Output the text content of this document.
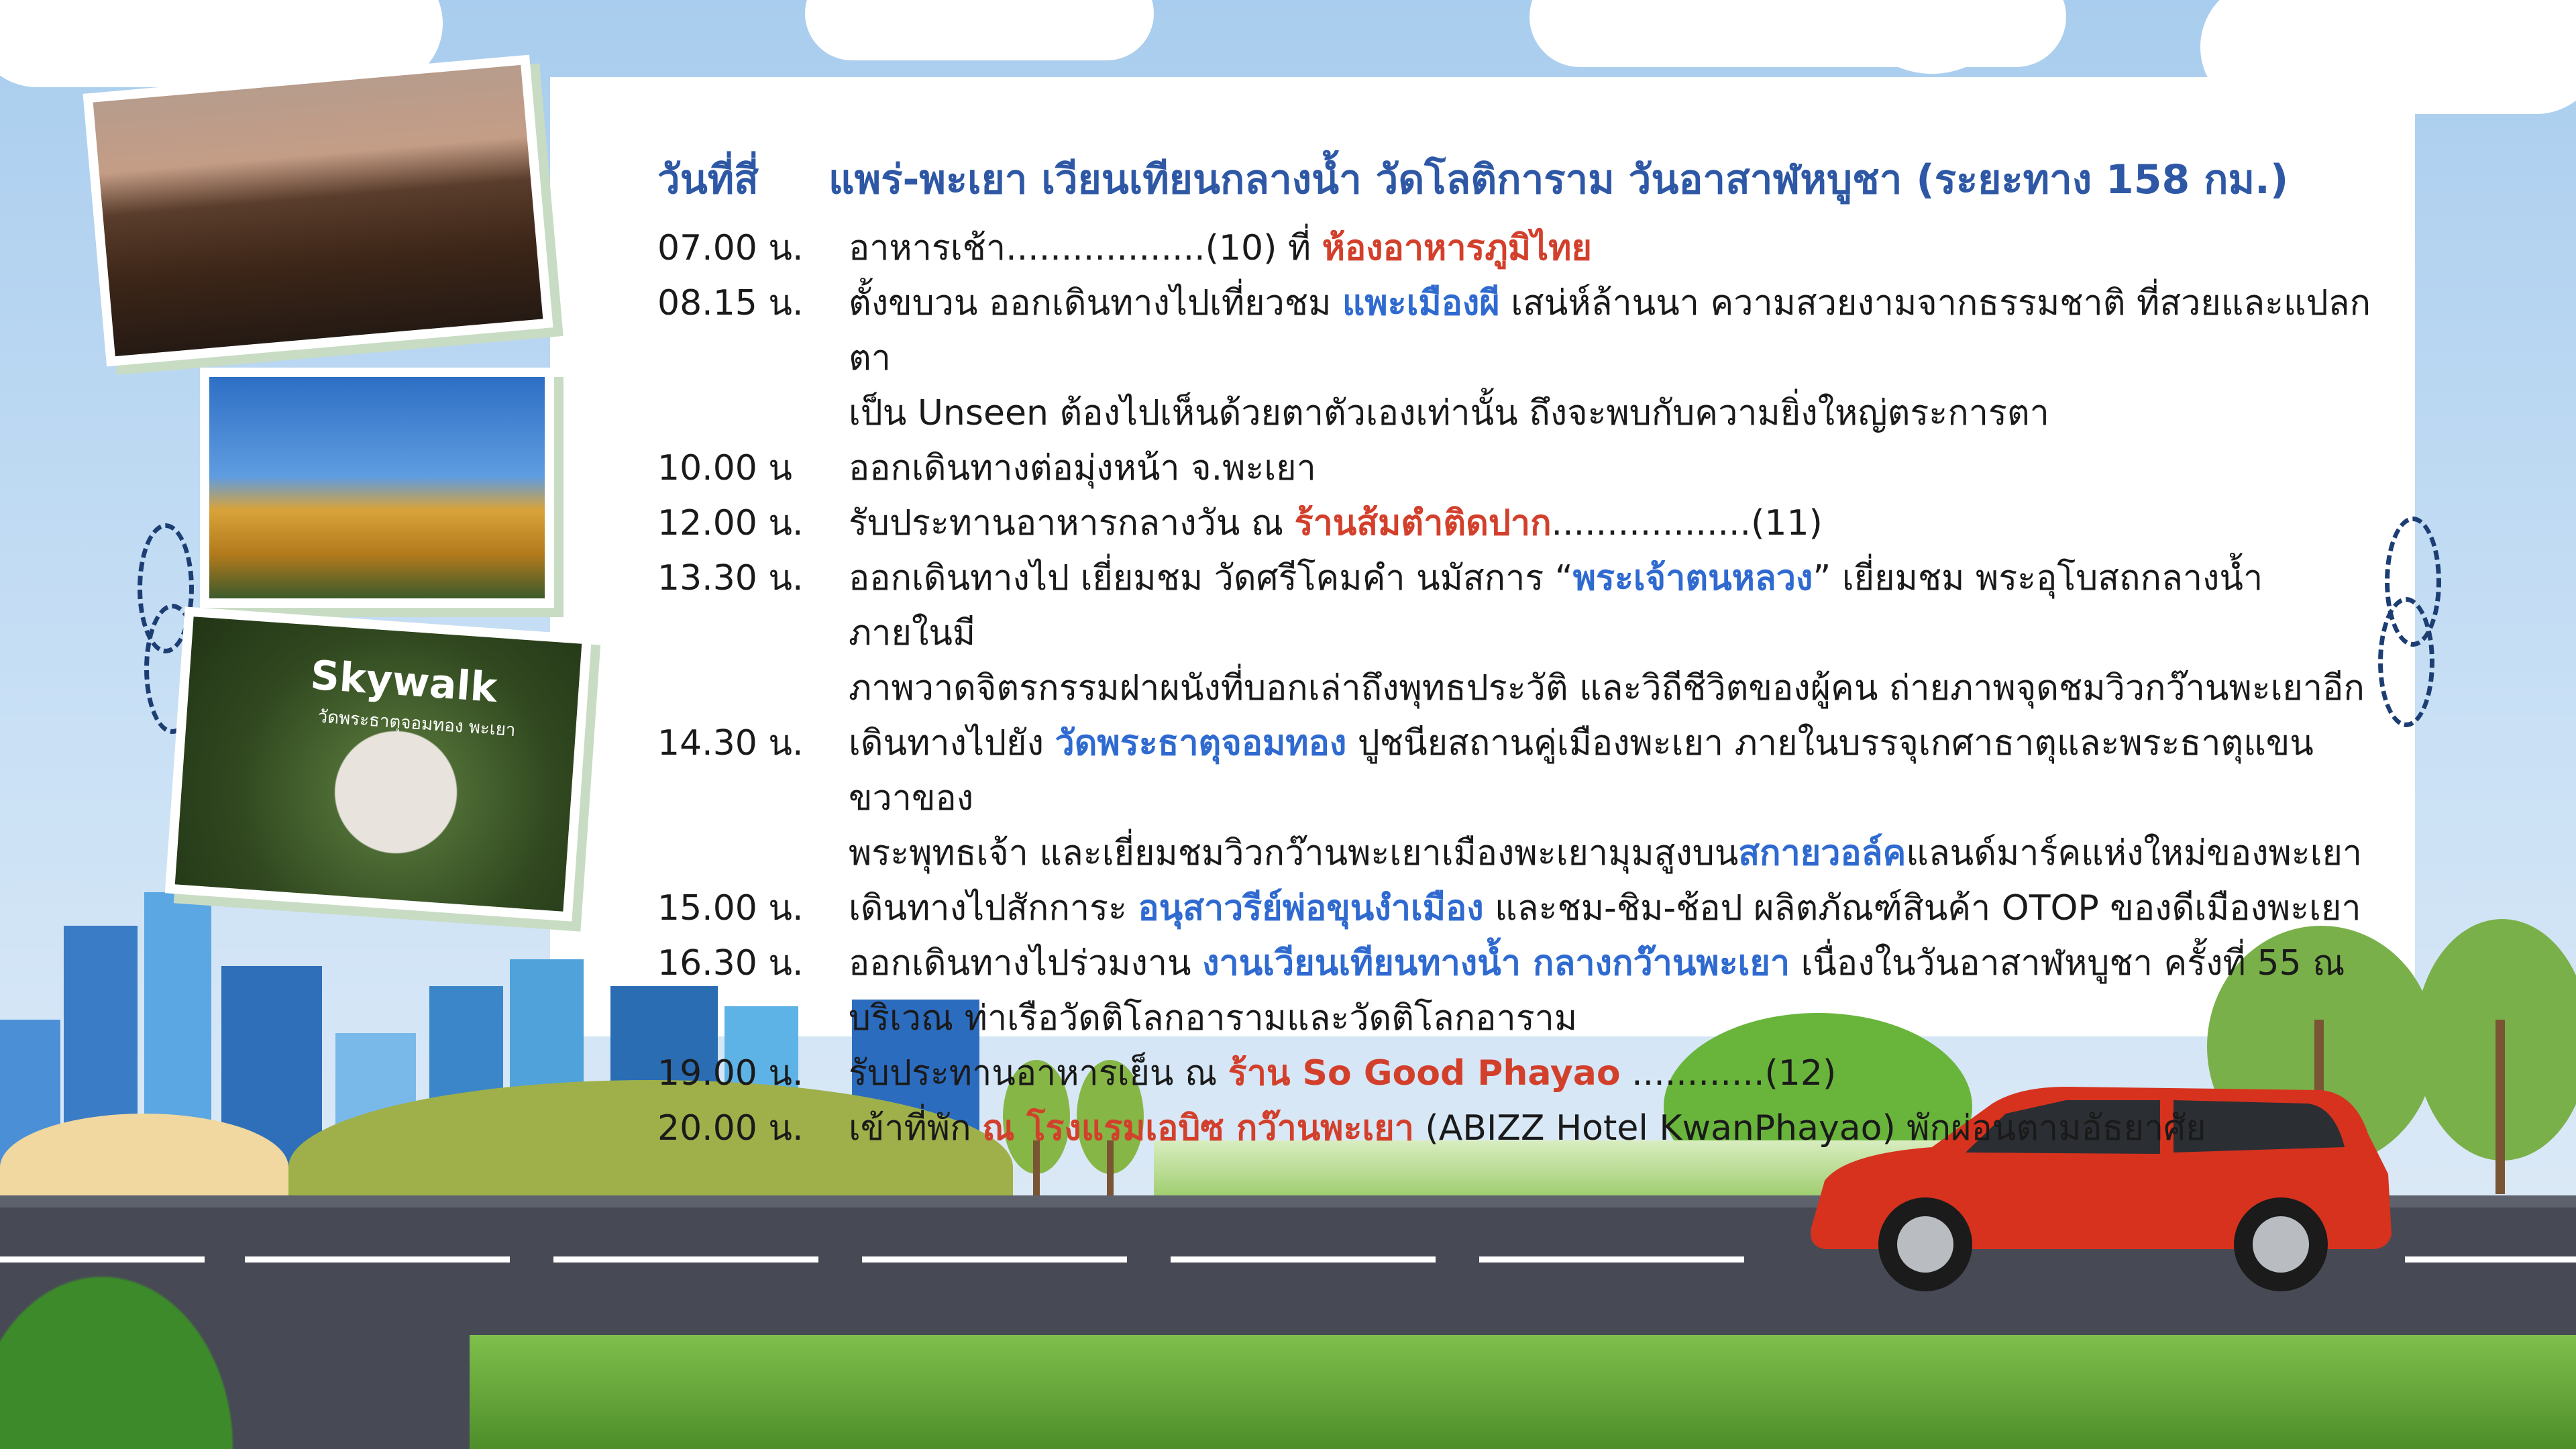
Skywalk
วัดพระธาตุจอมทอง พะเยา
วันที่สี่ แพร่-พะเยา เวียนเทียนกลางน้ำ วัดโลติการาม วันอาสาฬหบูชา (ระยะทาง 158 กม.)
07.00 น.	อาหารเช้า..................(10) ที่ ห้องอาหารภูมิไทย
08.15 น.	ตั้งขบวน ออกเดินทางไปเที่ยวชม แพะเมืองผี เสน่ห์ล้านนา ความสวยงามจากธรรมชาติ ที่สวยและแปลกตา
เป็น Unseen ต้องไปเห็นด้วยตาตัวเองเท่านั้น ถึงจะพบกับความยิ่งใหญ่ตระการตา
10.00 น	ออกเดินทางต่อมุ่งหน้า จ.พะเยา
12.00 น.	รับประทานอาหารกลางวัน ณ ร้านส้มตำติดปาก..................(11)
13.30 น.	ออกเดินทางไป เยี่ยมชม วัดศรีโคมคำ นมัสการ “พระเจ้าตนหลวง” เยี่ยมชม พระอุโบสถกลางน้ำ ภายในมี
ภาพวาดจิตรกรรมฝาผนังที่บอกเล่าถึงพุทธประวัติ และวิถีชีวิตของผู้คน ถ่ายภาพจุดชมวิวกว๊านพะเยาอีก
14.30 น.	เดินทางไปยัง วัดพระธาตุจอมทอง ปูชนียสถานคู่เมืองพะเยา ภายในบรรจุเกศาธาตุและพระธาตุแขนขวาของ
พระพุทธเจ้า และเยี่ยมชมวิวกว๊านพะเยาเมืองพะเยามุมสูงบนสกายวอล์คแลนด์มาร์คแห่งใหม่ของพะเยา
15.00 น.	เดินทางไปสักการะ อนุสาวรีย์พ่อขุนงำเมือง และชม-ชิม-ช้อป ผลิตภัณฑ์สินค้า OTOP ของดีเมืองพะเยา
16.30 น.	ออกเดินทางไปร่วมงาน งานเวียนเทียนทางน้ำ กลางกว๊านพะเยา เนื่องในวันอาสาฬหบูชา ครั้งที่ 55 ณ
บริเวณ ท่าเรือวัดติโลกอารามและวัดติโลกอาราม
19.00 น.	รับประทานอาหารเย็น ณ ร้าน So Good Phayao ............(12)
20.00 น.	เข้าที่พัก ณ โรงแรมเอบิซ กว๊านพะเยา (ABIZZ Hotel KwanPhayao) พักผ่อนตามอัธยาศัย
